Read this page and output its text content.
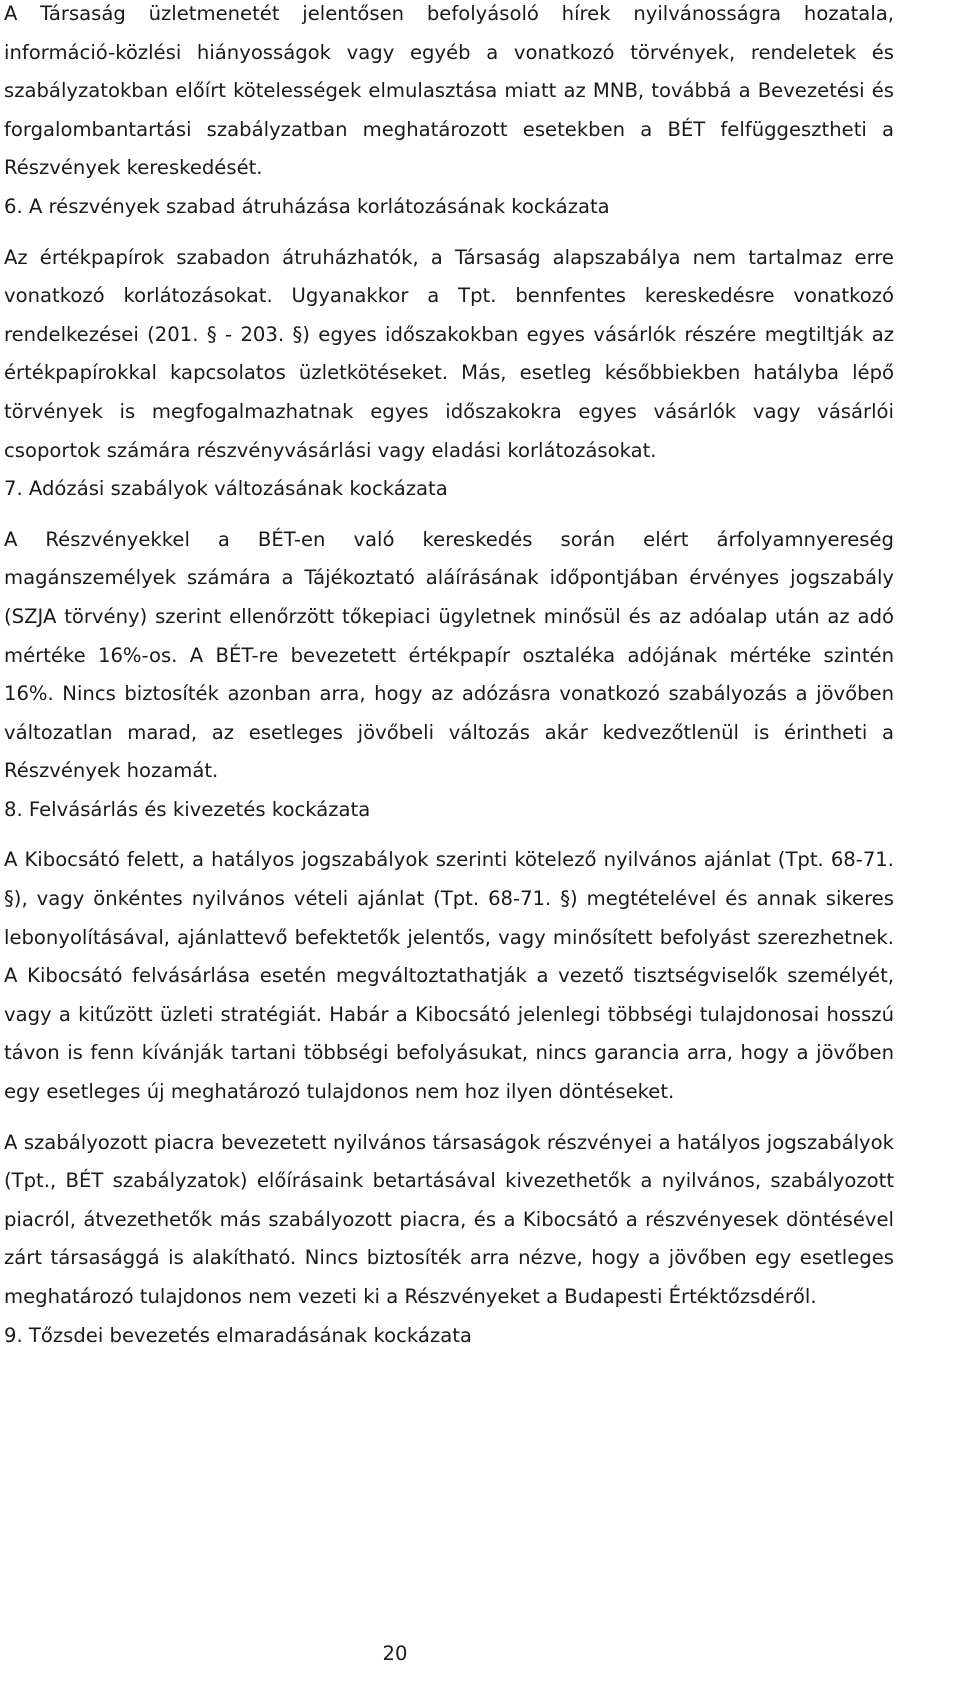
A Társaság üzletmenetét jelentősen befolyásoló hírek nyilvánosságra hozatala, információ-közlési hiányosságok vagy egyéb a vonatkozó törvények, rendeletek és szabályzatokban előírt kötelességek elmulasztása miatt az MNB, továbbá a Bevezetési és forgalombantartási szabályzatban meghatározott esetekben a BÉT felfüggesztheti a Részvények kereskedését.

6. A részvények szabad átruházása korlátozásának kockázata

Az értékpapírok szabadon átruházhatók, a Társaság alapszabálya nem tartalmaz erre vonatkozó korlátozásokat. Ugyanakkor a Tpt. bennfentes kereskedésre vonatkozó rendelkezései (201. § - 203. §) egyes időszakokban egyes vásárlók részére megtiltják az értékpapírokkal kapcsolatos üzletkötéseket. Más, esetleg későbbiekben hatályba lépő törvények is megfogalmazhatnak egyes időszakokra egyes vásárlók vagy vásárlói csoportok számára részvényvásárlási vagy eladási korlátozásokat.

7. Adózási szabályok változásának kockázata

A Részvényekkel a BÉT-en való kereskedés során elért árfolyamnyereség magánszemélyek számára a Tájékoztató aláírásának időpontjában érvényes jogszabály (SZJA törvény) szerint ellenőrzött tőkepiaci ügyletnek minősül és az adóalap után az adó mértéke 16%-os. A BÉT-re bevezetett értékpapír osztaléka adójának mértéke szintén 16%. Nincs biztosíték azonban arra, hogy az adózásra vonatkozó szabályozás a jövőben változatlan marad, az esetleges jövőbeli változás akár kedvezőtlenül is érintheti a Részvények hozamát.

8. Felvásárlás és kivezetés kockázata

A Kibocsátó felett, a hatályos jogszabályok szerinti kötelező nyilvános ajánlat (Tpt. 68-71. §), vagy önkéntes nyilvános vételi ajánlat (Tpt. 68-71. §) megtételével és annak sikeres lebonyolításával, ajánlattevő befektetők jelentős, vagy minősített befolyást szerezhetnek. A Kibocsátó felvásárlása esetén megváltoztathatják a vezető tisztségviselők személyét, vagy a kitűzött üzleti stratégiát. Habár a Kibocsátó jelenlegi többségi tulajdonosai hosszú távon is fenn kívánják tartani többségi befolyásukat, nincs garancia arra, hogy a jövőben egy esetleges új meghatározó tulajdonos nem hoz ilyen döntéseket.

A szabályozott piacra bevezetett nyilvános társaságok részvényei a hatályos jogszabályok (Tpt., BÉT szabályzatok) előírásaink betartásával kivezethetők a nyilvános, szabályozott piacról, átvezethetők más szabályozott piacra, és a Kibocsátó a részvényesek döntésével zárt társasággá is alakítható. Nincs biztosíték arra nézve, hogy a jövőben egy esetleges meghatározó tulajdonos nem vezeti ki a Részvényeket a Budapesti Értéktőzsdéről.

9. Tőzsdei bevezetés elmaradásának kockázata

20
